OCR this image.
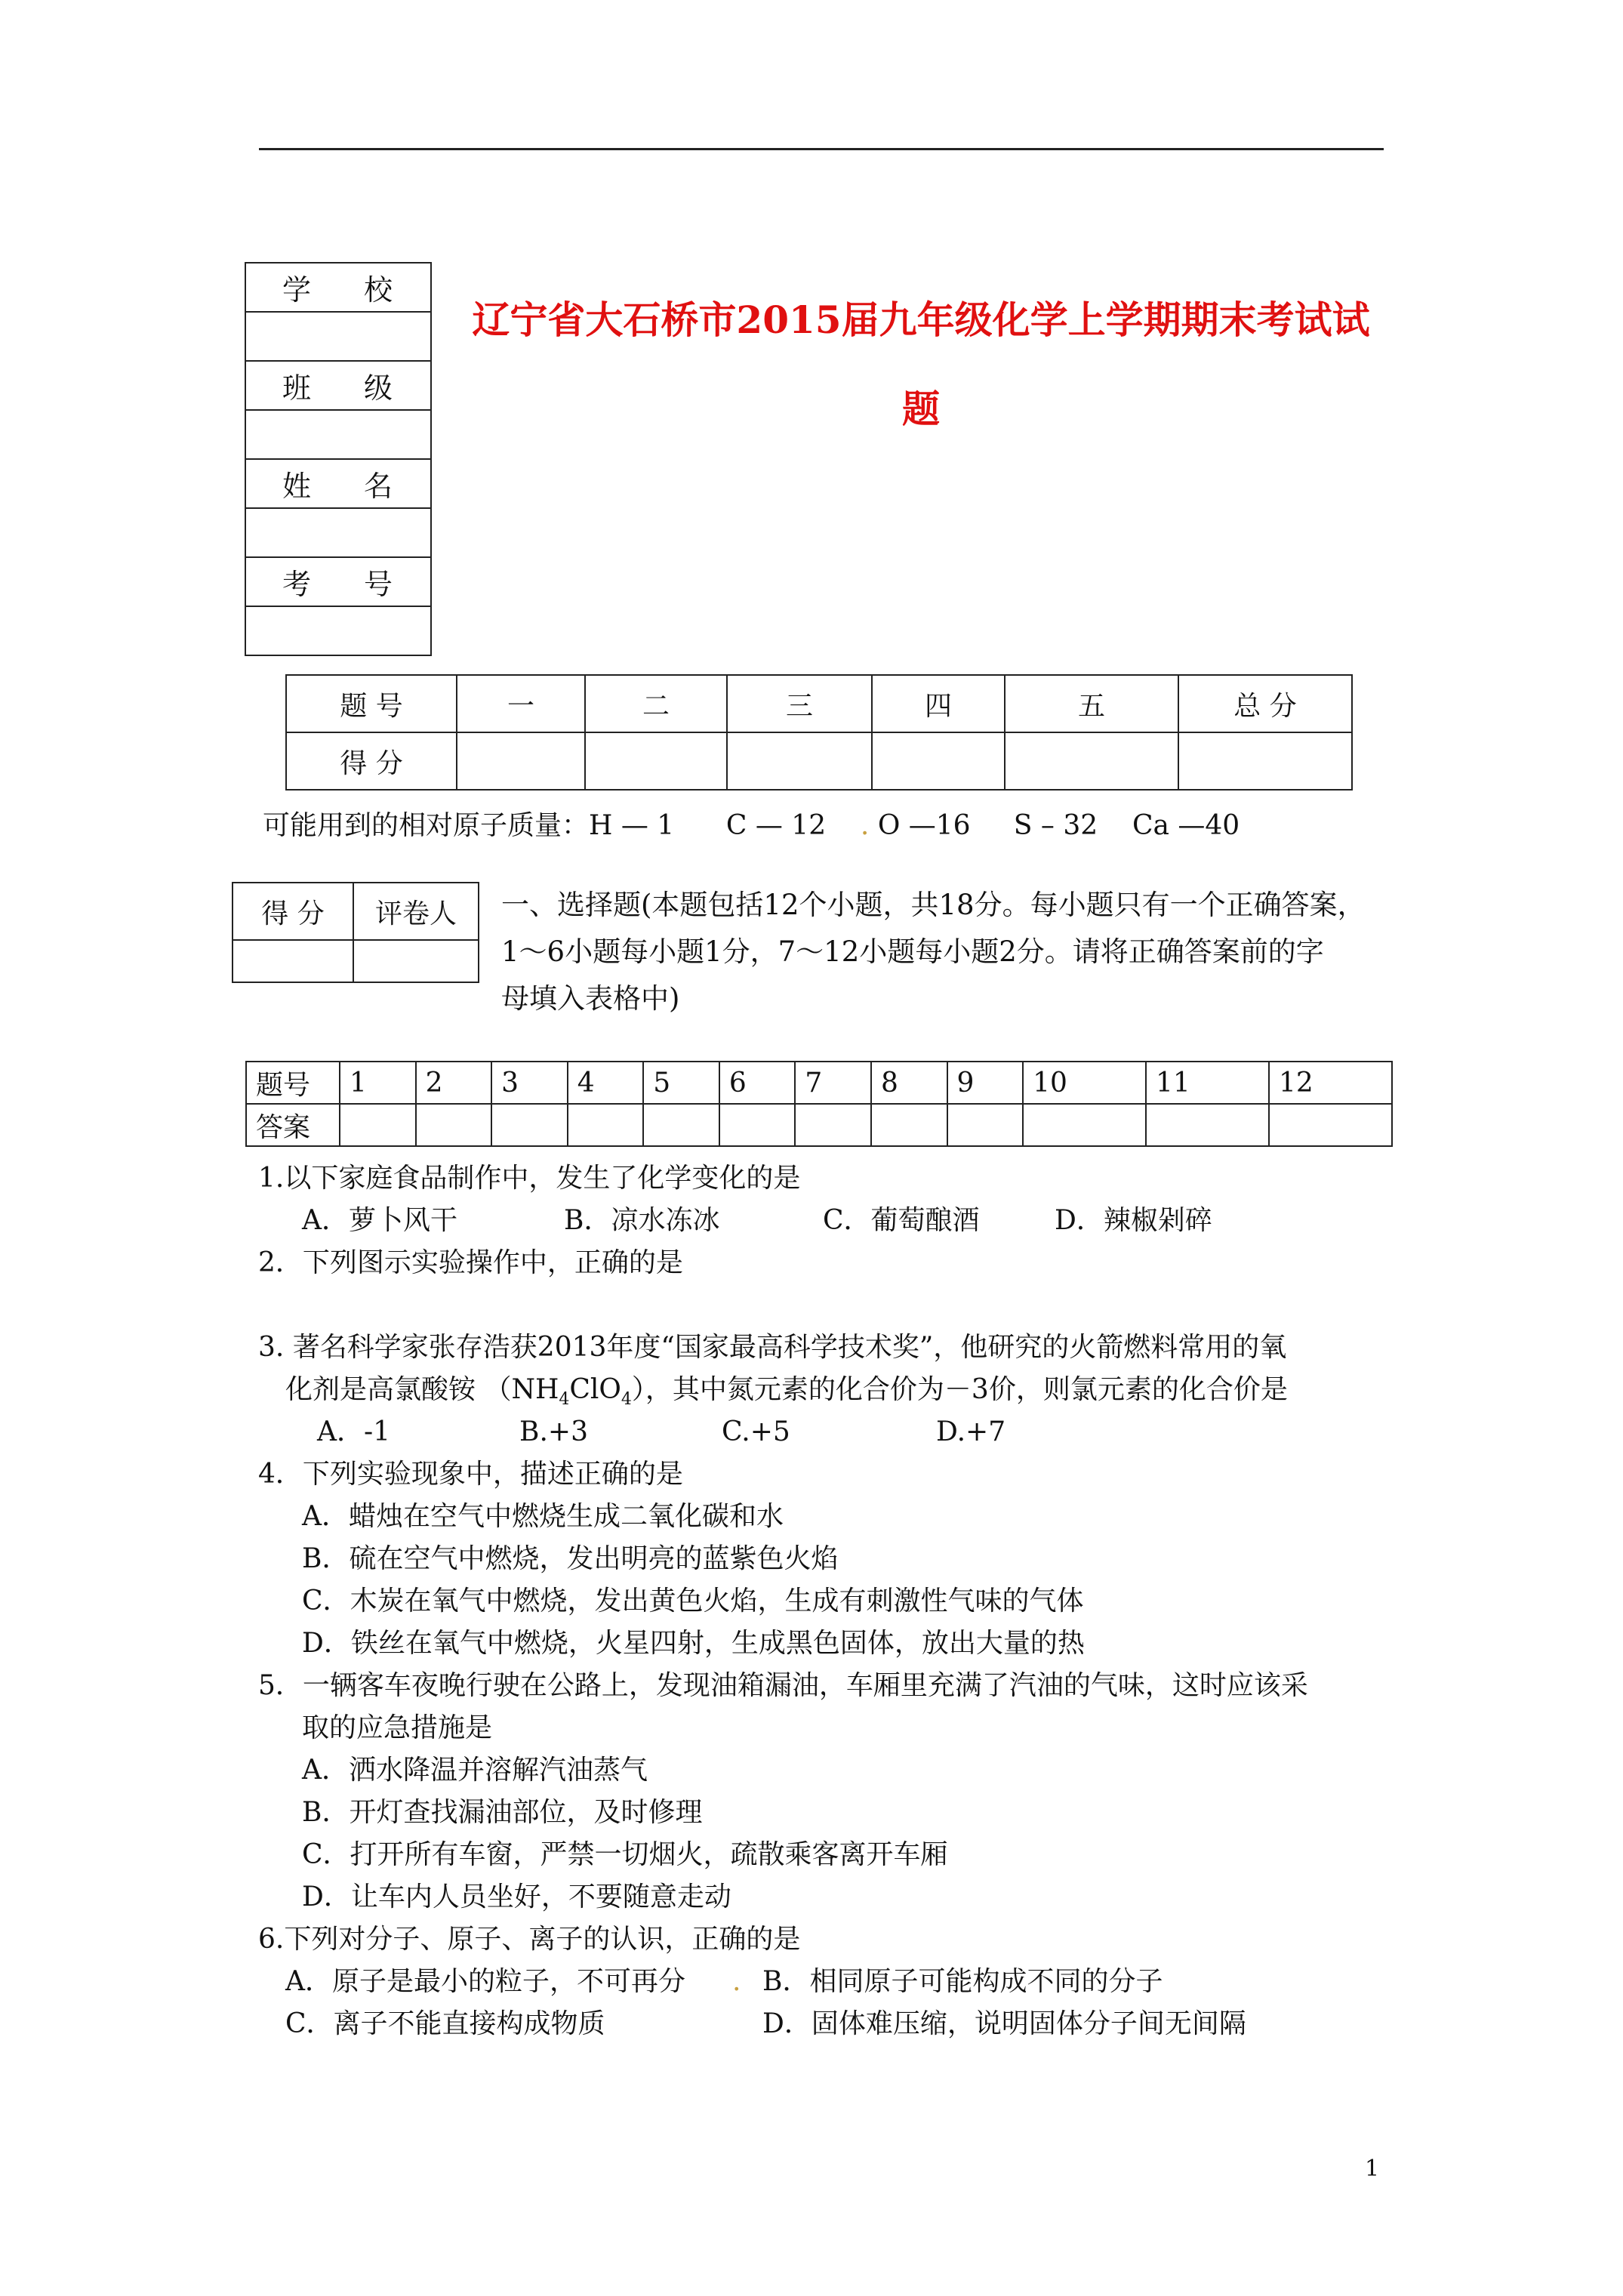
学 校

班 级

姓 名

考 号

辽宁省大石桥市2015届九年级化学上学期期末考试试
题
题 号	一	二	三	四	五	总 分
得 分						
可能用到的相对原子质量：H — 1 C — 12 . O —16 S – 32 Ca —40
得 分	评卷人
	一、选择题(本题包括12个小题，共18分。每小题只有一个正确答案，
1～6小题每小题1分，7～12小题每小题2分。请将正确答案前的字
母填入表格中)
题号	1	2	3	4	5	6	7	8	9	10	11	12
答案												
1.以下家庭食品制作中，发生了化学变化的是
A．萝卜风干	B．凉水冻冰	C．葡萄酿酒	D．辣椒剁碎
2．下列图示实验操作中，正确的是
3. 著名科学家张存浩获2013年度“国家最高科学技术奖”，他研究的火箭燃料常用的氧
化剂是高氯酸铵 $(NH_4ClO_4)$，其中氮元素的化合价为－3价，则氯元素的化合价是
A．-1	B.+3	C.+5	D.+7
4．下列实验现象中，描述正确的是
A．蜡烛在空气中燃烧生成二氧化碳和水
B．硫在空气中燃烧，发出明亮的蓝紫色火焰
C．木炭在氧气中燃烧，发出黄色火焰，生成有刺激性气味的气体
D．铁丝在氧气中燃烧，火星四射，生成黑色固体，放出大量的热
5．一辆客车夜晚行驶在公路上，发现油箱漏油，车厢里充满了汽油的气味，这时应该采
取的应急措施是
A．洒水降温并溶解汽油蒸气
B．开灯查找漏油部位，及时修理
C．打开所有车窗，严禁一切烟火，疏散乘客离开车厢
D．让车内人员坐好，不要随意走动
6.下列对分子、原子、离子的认识，正确的是
A．原子是最小的粒子，不可再分 . B．相同原子可能构成不同的分子
C．离子不能直接构成物质	D．固体难压缩，说明固体分子间无间隔
1
